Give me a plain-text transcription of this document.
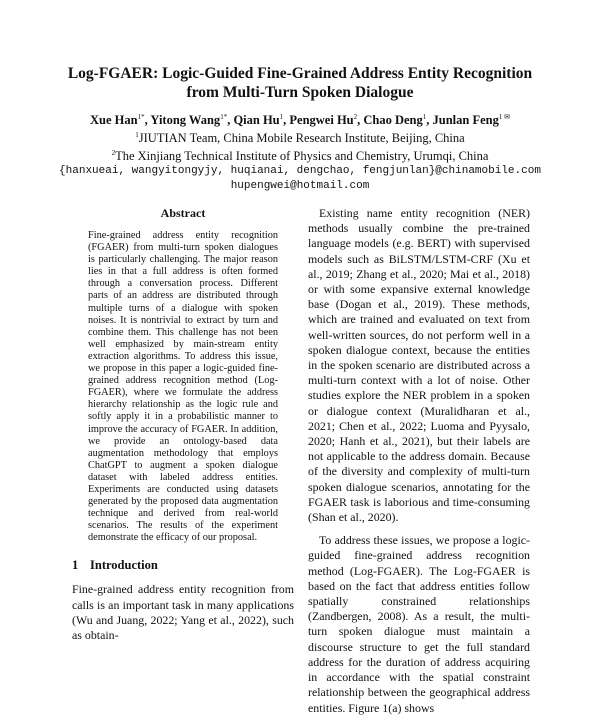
Log-FGAER: Logic-Guided Fine-Grained Address Entity Recognition
from Multi-Turn Spoken Dialogue
Xue Han$^{1*}$, Yitong Wang$^{1*}$, Qian Hu$^1$, Pengwei Hu$^2$, Chao Deng$^1$, Junlan Feng$^{1 ✉}$
$^1$JIUTIAN Team, China Mobile Research Institute, Beijing, China
$^2$The Xinjiang Technical Institute of Physics and Chemistry, Urumqi, China
{hanxueai, wangyitongyjy, huqianai, dengchao, fengjunlan}@chinamobile.com
hupengwei@hotmail.com
Abstract
Fine-grained address entity recognition (FGAER) from multi-turn spoken dialogues is particularly challenging. The major reason lies in that a full address is often formed through a conversation process. Different parts of an address are distributed through multiple turns of a dialogue with spoken noises. It is nontrivial to extract by turn and combine them. This challenge has not been well emphasized by main-stream entity extraction algorithms. To address this issue, we propose in this paper a logic-guided fine-grained address recognition method (Log-FGAER), where we formulate the address hierarchy relationship as the logic rule and softly apply it in a probabilistic manner to improve the accuracy of FGAER. In addition, we provide an ontology-based data augmentation methodology that employs ChatGPT to augment a spoken dialogue dataset with labeled address entities. Experiments are conducted using datasets generated by the proposed data augmentation technique and derived from real-world scenarios. The results of the experiment demonstrate the efficacy of our proposal.
1 Introduction

Fine-grained address entity recognition from calls is an important task in many applications (Wu and Juang, 2022; Yang et al., 2022), such as obtain-

Existing name entity recognition (NER) methods usually combine the pre-trained language models (e.g. BERT) with supervised models such as BiLSTM/LSTM-CRF (Xu et al., 2019; Zhang et al., 2020; Mai et al., 2018) or with some expansive external knowledge base (Dogan et al., 2019). These methods, which are trained and evaluated on text from well-written sources, do not perform well in a spoken dialogue context, because the entities in the spoken scenario are distributed across a multi-turn context with a lot of noise. Other studies explore the NER problem in a spoken or dialogue context (Muralidharan et al., 2021; Chen et al., 2022; Luoma and Pyysalo, 2020; Hanh et al., 2021), but their labels are not applicable to the address domain. Because of the diversity and complexity of multi-turn spoken dialogue scenarios, annotating for the FGAER task is laborious and time-consuming (Shan et al., 2020).

To address these issues, we propose a logic-guided fine-grained address recognition method (Log-FGAER). The Log-FGAER is based on the fact that address entities follow spatially constrained relationships (Zandbergen, 2008). As a result, the multi-turn spoken dialogue must maintain a discourse structure to get the full standard address for the duration of address acquiring in accordance with the spatial constraint relationship between the geographical address entities. Figure 1(a) shows
